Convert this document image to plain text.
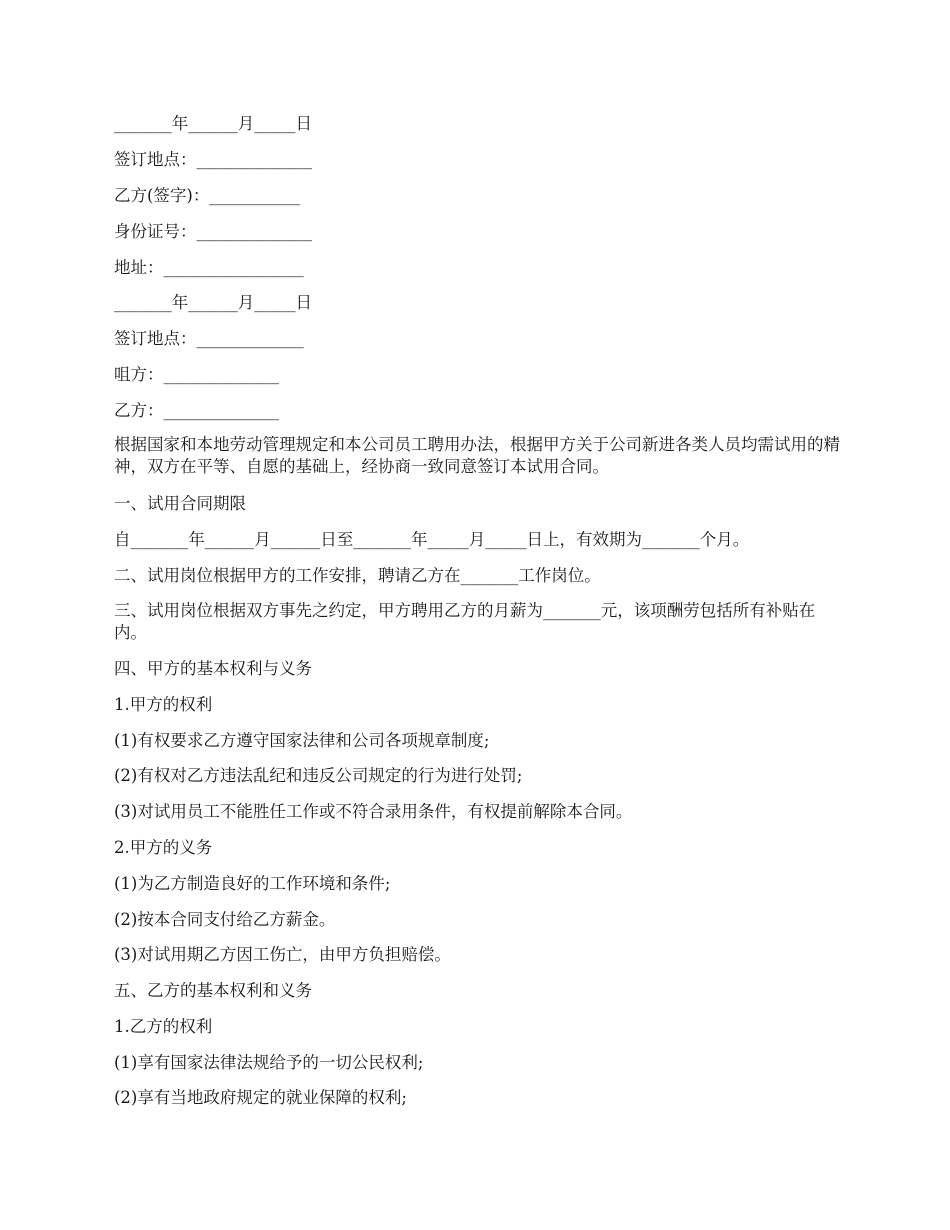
_______年______月_____日

签订地点：______________

乙方(签字)：___________

身份证号：______________

地址：_________________

_______年______月_____日

签订地点：_____________

咀方：______________

乙方：______________

根据国家和本地劳动管理规定和本公司员工聘用办法，根据甲方关于公司新进各类人员均需试用的精神，双方在平等、自愿的基础上，经协商一致同意签订本试用合同。

一、试用合同期限

自_______年______月______日至_______年_____月_____日上，有效期为_______个月。

二、试用岗位根据甲方的工作安排，聘请乙方在_______工作岗位。

三、试用岗位根据双方事先之约定，甲方聘用乙方的月薪为_______元，该项酬劳包括所有补贴在内。

四、甲方的基本权利与义务

1.甲方的权利

(1)有权要求乙方遵守国家法律和公司各项规章制度;

(2)有权对乙方违法乱纪和违反公司规定的行为进行处罚;

(3)对试用员工不能胜任工作或不符合录用条件，有权提前解除本合同。

2.甲方的义务

(1)为乙方制造良好的工作环境和条件;

(2)按本合同支付给乙方薪金。

(3)对试用期乙方因工伤亡，由甲方负担赔偿。

五、乙方的基本权利和义务

1.乙方的权利

(1)享有国家法律法规给予的一切公民权利;

(2)享有当地政府规定的就业保障的权利;
